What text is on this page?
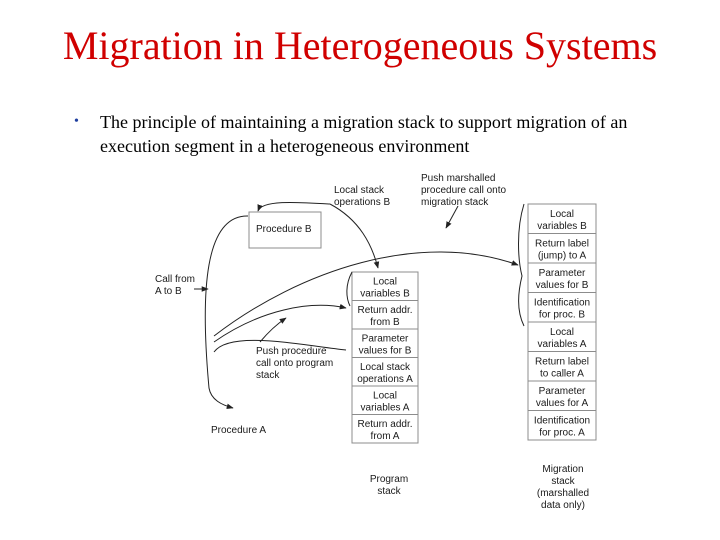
Migration in Heterogeneous Systems
• The principle of maintaining a migration stack to support migration of an execution segment in a heterogeneous environment
Procedure B
Procedure A
Local variables B
Return addr. from B
Parameter values for B
Local stack operations A
Local variables A
Return addr. from A
Local variables B
Return label (jump) to A
Parameter values for B
Identification for proc. B
Local variables A
Return label to caller A
Parameter values for A
Identification for proc. A
Local stack operations B
Push marshalled procedure call onto migration stack
Call from A to B
Push procedure call onto program stack
Program stack
Migration stack (marshalled data only)
